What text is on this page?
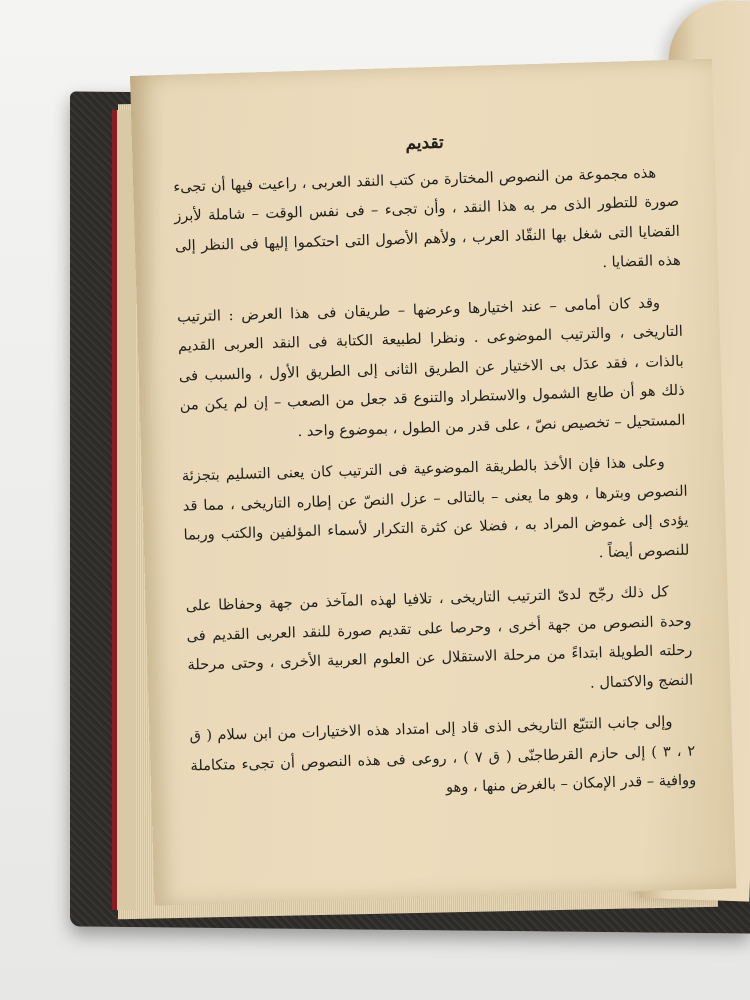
تقديم

هذه مجموعة من النصوص المختارة من كتب النقد العربى ، راعيت فيها أن تجىء صورة للتطور الذى مر به هذا النقد ، وأن تجىء – فى نفس الوقت – شاملة لأبرز القضايا التى شغل بها النقّاد العرب ، ولأهم الأصول التى احتكموا إليها فى النظر إلى هذه القضايا .

وقد كان أمامى – عند اختيارها وعرضها – طريقان فى هذا العرض : الترتيب التاريخى ، والترتيب الموضوعى . ونظرا لطبيعة الكتابة فى النقد العربى القديم بالذات ، فقد عدَل بى الاختيار عن الطريق الثانى إلى الطريق الأول ، والسبب فى ذلك هو أن طابع الشمول والاستطراد والتنوع قد جعل من الصعب – إن لم يكن من المستحيل – تخصيص نصّ ، على قدر من الطول ، بموضوع واحد .

وعلى هذا فإن الأخذ بالطريقة الموضوعية فى الترتيب كان يعنى التسليم بتجزئة النصوص وبترها ، وهو ما يعنى – بالتالى – عزل النصّ عن إطاره التاريخى ، مما قد يؤدى إلى غموض المراد به ، فضلا عن كثرة التكرار لأسماء المؤلفين والكتب وربما للنصوص أيضاً .

كل ذلك رجّح لدىّ الترتيب التاريخى ، تلافيا لهذه المآخذ من جهة وحفاظا على وحدة النصوص من جهة أخرى ، وحرصا على تقديم صورة للنقد العربى القديم فى رحلته الطويلة ابتداءً من مرحلة الاستقلال عن العلوم العربية الأخرى ، وحتى مرحلة النضج والاكتمال .

وإلى جانب التتبّع التاريخى الذى قاد إلى امتداد هذه الاختيارات من ابن سلام ( ق ٢ ، ٣ ) إلى حازم القرطاجنّى ( ق ٧ ) ، روعى فى هذه النصوص أن تجىء متكاملة ووافية – قدر الإمكان – بالغرض منها ، وهو
